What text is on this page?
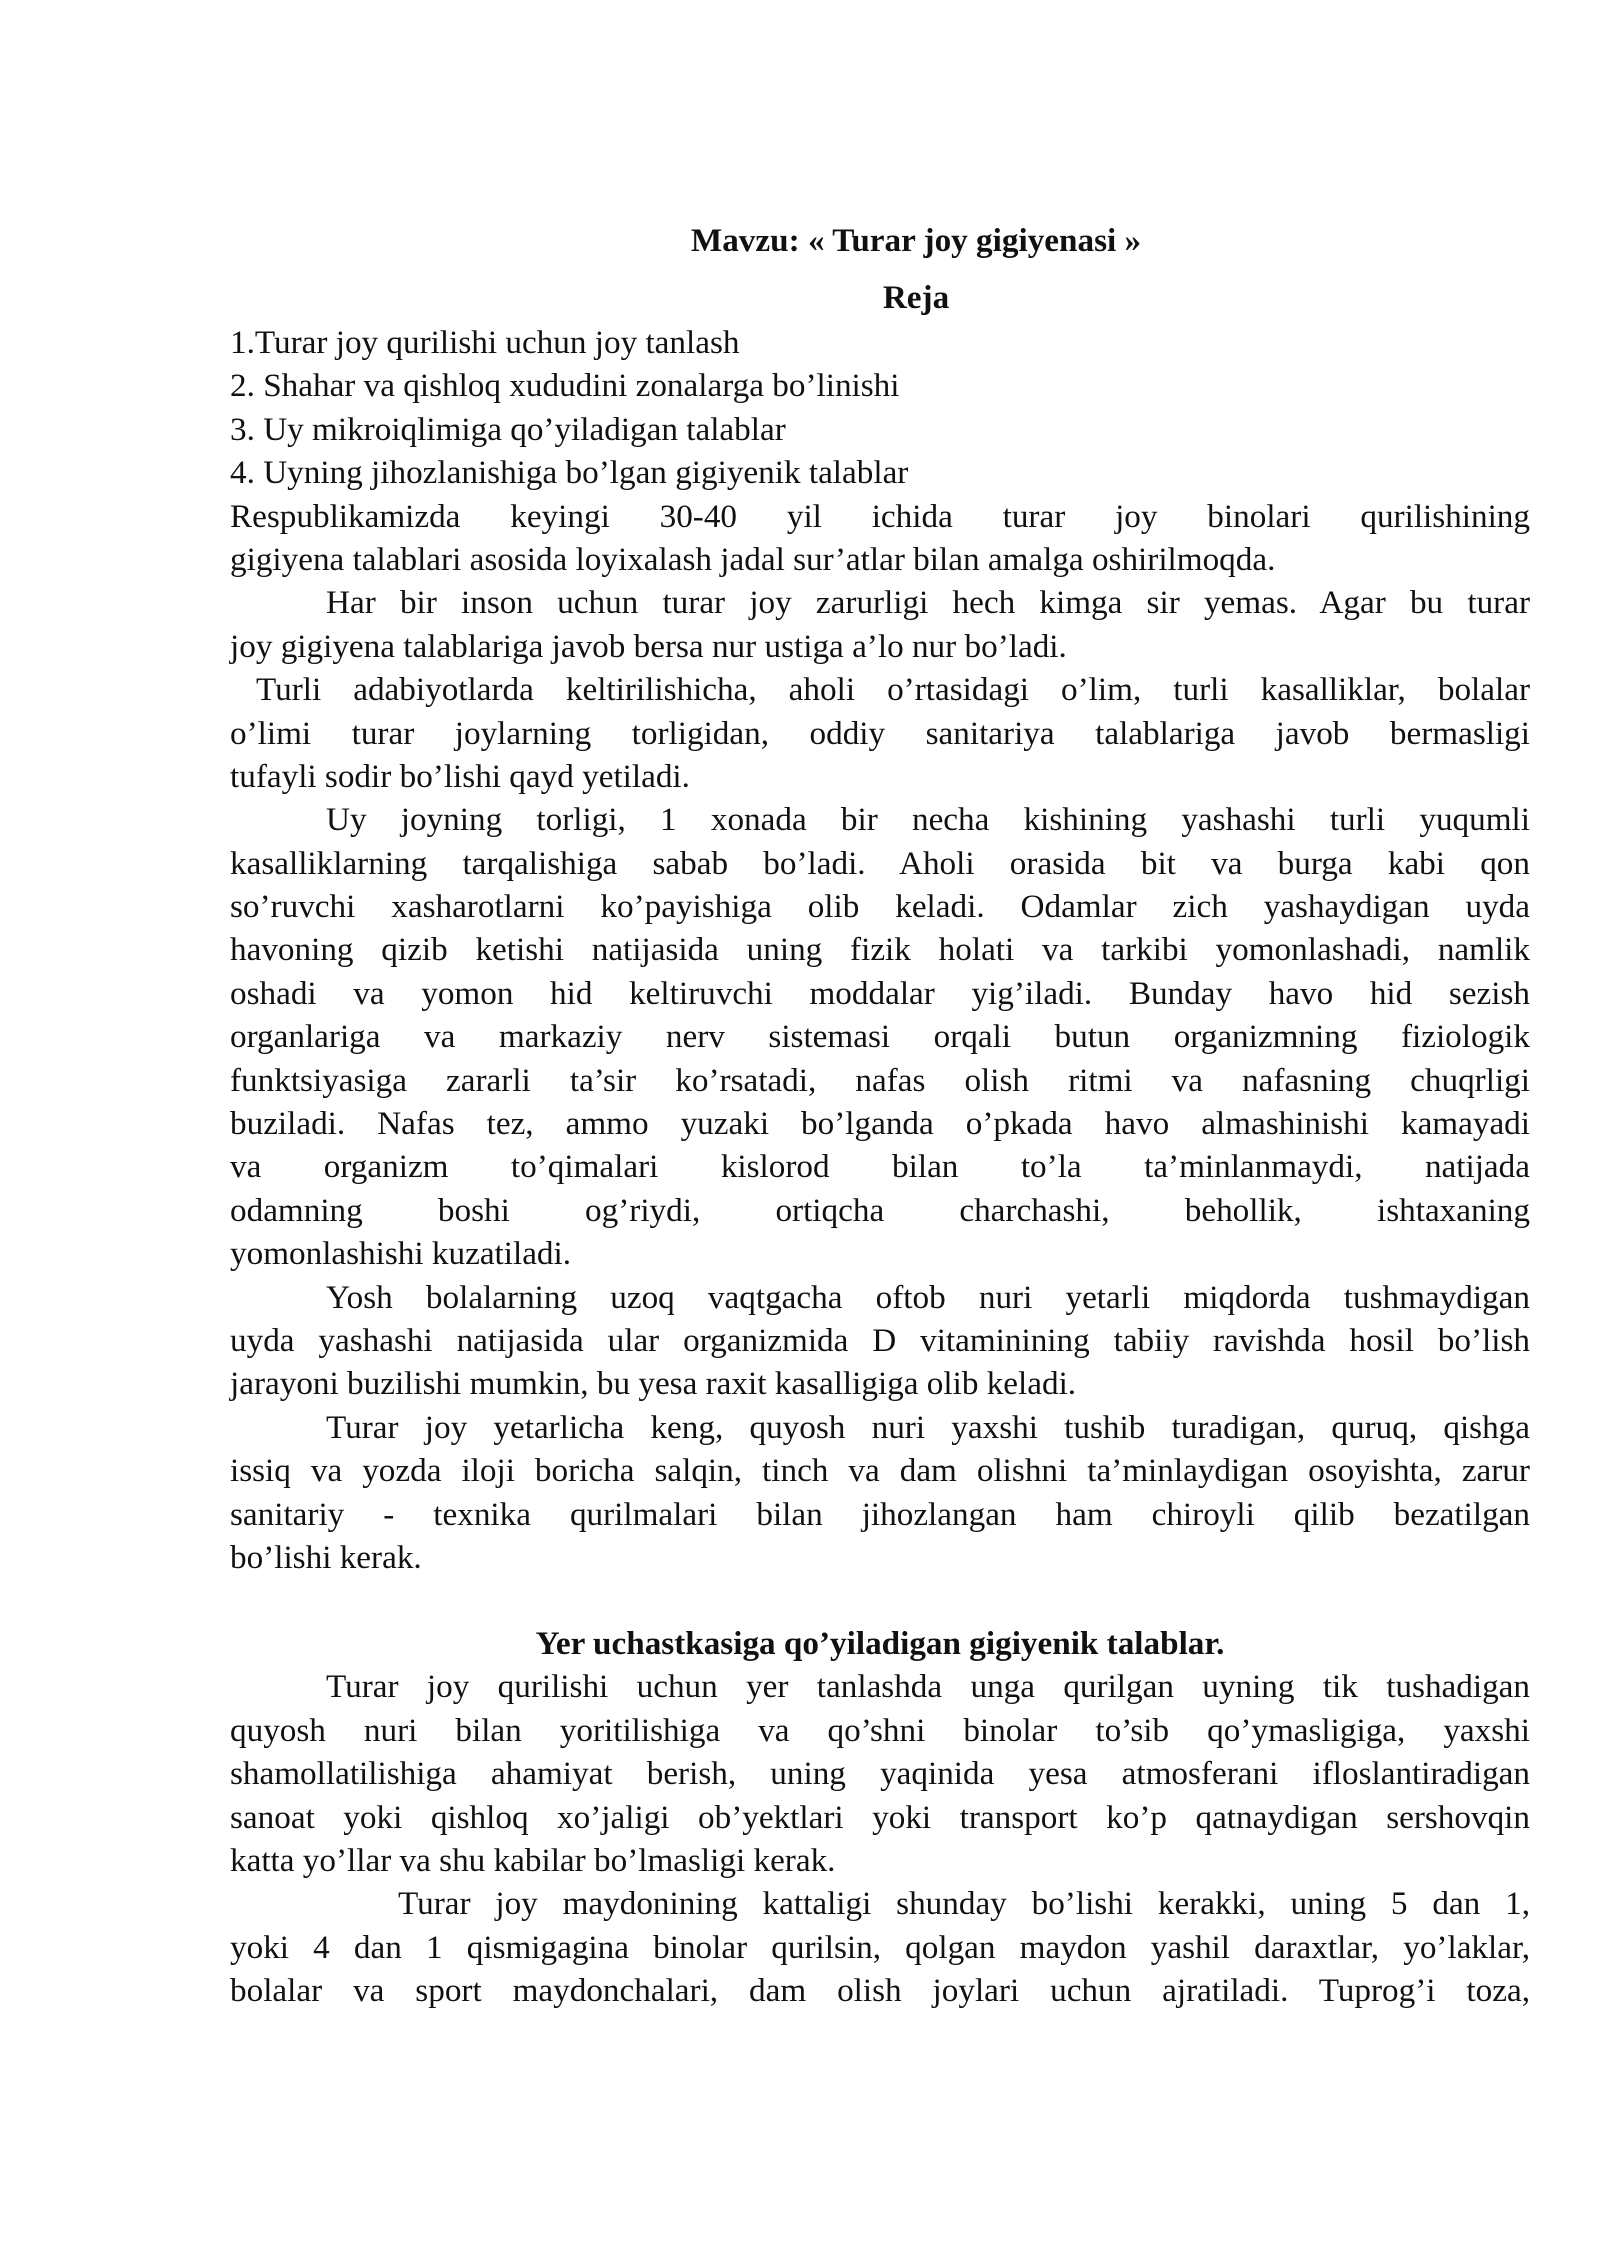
Mavzu: « Turar joy gigiyenasi »
Reja
1.Turar joy qurilishi uchun joy tanlash
2. Shahar va qishloq xududini zonalarga bo’linishi
3. Uy mikroiqlimiga qo’yiladigan talablar
4. Uyning jihozlanishiga bo’lgan gigiyenik talablar
Respublikamizda keyingi 30-40 yil ichida turar joy binolari qurilishining
gigiyena talablari asosida loyixalash jadal sur’atlar bilan amalga oshirilmoqda.
Har bir inson uchun turar joy zarurligi hech kimga sir yemas. Agar bu turar
joy gigiyena talablariga javob bersa nur ustiga a’lo nur bo’ladi.
Turli adabiyotlarda keltirilishicha, aholi o’rtasidagi o’lim, turli kasalliklar, bolalar
o’limi turar joylarning torligidan, oddiy sanitariya talablariga javob bermasligi
tufayli sodir bo’lishi qayd yetiladi.
Uy joyning torligi, 1 xonada bir necha kishining yashashi turli yuqumli
kasalliklarning tarqalishiga sabab bo’ladi. Aholi orasida bit va burga kabi qon
so’ruvchi xasharotlarni ko’payishiga olib keladi. Odamlar zich yashaydigan uyda
havoning qizib ketishi natijasida uning fizik holati va tarkibi yomonlashadi, namlik
oshadi va yomon hid keltiruvchi moddalar yig’iladi. Bunday havo hid sezish
organlariga va markaziy nerv sistemasi orqali butun organizmning fiziologik
funktsiyasiga zararli ta’sir ko’rsatadi, nafas olish ritmi va nafasning chuqrligi
buziladi. Nafas tez, ammo yuzaki bo’lganda o’pkada havo almashinishi kamayadi
va organizm to’qimalari kislorod bilan to’la ta’minlanmaydi, natijada
odamning boshi og’riydi, ortiqcha charchashi, behollik, ishtaxaning
yomonlashishi kuzatiladi.
Yosh bolalarning uzoq vaqtgacha oftob nuri yetarli miqdorda tushmaydigan
uyda yashashi natijasida ular organizmida D vitaminining tabiiy ravishda hosil bo’lish
jarayoni buzilishi mumkin, bu yesa raxit kasalligiga olib keladi.
Turar joy yetarlicha keng, quyosh nuri yaxshi tushib turadigan, quruq, qishga
issiq va yozda iloji boricha salqin, tinch va dam olishni ta’minlaydigan osoyishta, zarur
sanitariy - texnika qurilmalari bilan jihozlangan ham chiroyli qilib bezatilgan
bo’lishi kerak.
Yer uchastkasiga qo’yiladigan gigiyenik talablar.
Turar joy qurilishi uchun yer tanlashda unga qurilgan uyning tik tushadigan
quyosh nuri bilan yoritilishiga va qo’shni binolar to’sib qo’ymasligiga, yaxshi
shamollatilishiga ahamiyat berish, uning yaqinida yesa atmosferani ifloslantiradigan
sanoat yoki qishloq xo’jaligi ob’yektlari yoki transport ko’p qatnaydigan sershovqin
katta yo’llar va shu kabilar bo’lmasligi kerak.
Turar joy maydonining kattaligi shunday bo’lishi kerakki, uning 5 dan 1,
yoki 4 dan 1 qismigagina binolar qurilsin, qolgan maydon yashil daraxtlar, yo’laklar,
bolalar va sport maydonchalari, dam olish joylari uchun ajratiladi. Tuprog’i toza,
